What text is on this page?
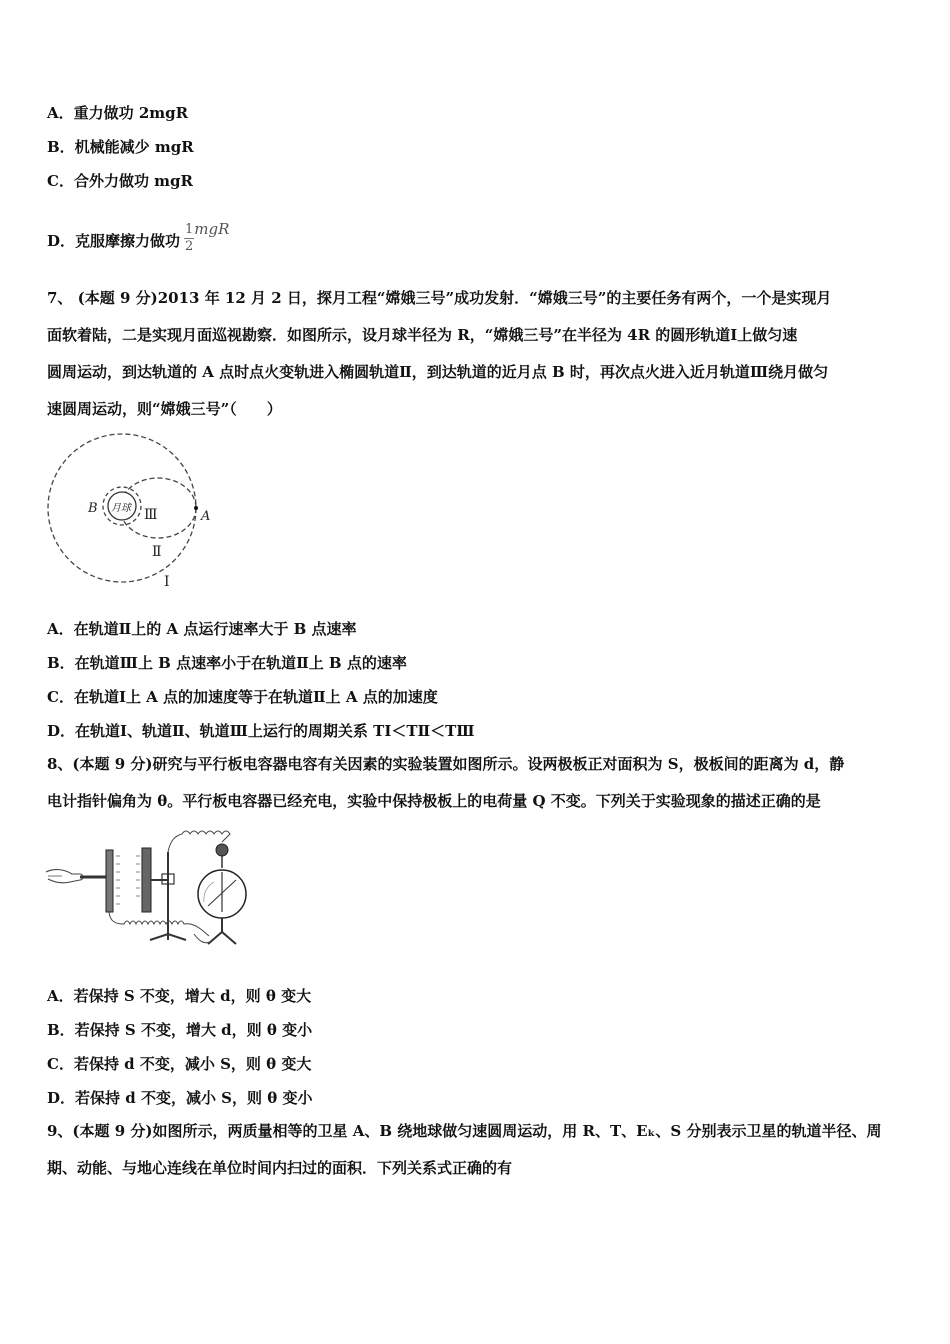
A．重力做功 2mgR
B．机械能减少 mgR
C．合外力做功 mgR
D．克服摩擦力做功 $\frac{1}{2}$ mgR
7、 (本题 9 分)2013 年 12 月 2 日，探月工程“嫦娥三号”成功发射．“嫦娥三号”的主要任务有两个，一个是实现月
面软着陆，二是实现月面巡视勘察．如图所示，设月球半径为 R，“嫦娥三号”在半径为 4R 的圆形轨道Ⅰ上做匀速
圆周运动，到达轨道的 A 点时点火变轨进入椭圆轨道Ⅱ，到达轨道的近月点 B 时，再次点火进入近月轨道Ⅲ绕月做匀
速圆周运动，则“嫦娥三号”（　　）
月球
B	Ⅲ	A
Ⅱ
Ⅰ
A．在轨道Ⅱ上的 A 点运行速率大于 B 点速率
B．在轨道Ⅲ上 B 点速率小于在轨道Ⅱ上 B 点的速率
C．在轨道Ⅰ上 A 点的加速度等于在轨道Ⅱ上 A 点的加速度
D．在轨道Ⅰ、轨道Ⅱ、轨道Ⅲ上运行的周期关系 TⅠ＜TⅡ＜TⅢ
8、(本题 9 分)研究与平行板电容器电容有关因素的实验装置如图所示。设两极板正对面积为 S，极板间的距离为 d，静
电计指针偏角为 θ。平行板电容器已经充电，实验中保持极板上的电荷量 Q 不变。下列关于实验现象的描述正确的是
A．若保持 S 不变，增大 d，则 θ 变大
B．若保持 S 不变，增大 d，则 θ 变小
C．若保持 d 不变，减小 S，则 θ 变大
D．若保持 d 不变，减小 S，则 θ 变小
9、(本题 9 分)如图所示，两质量相等的卫星 A、B 绕地球做匀速圆周运动，用 R、T、Eₖ、S 分别表示卫星的轨道半径、周
期、动能、与地心连线在单位时间内扫过的面积．下列关系式正确的有
